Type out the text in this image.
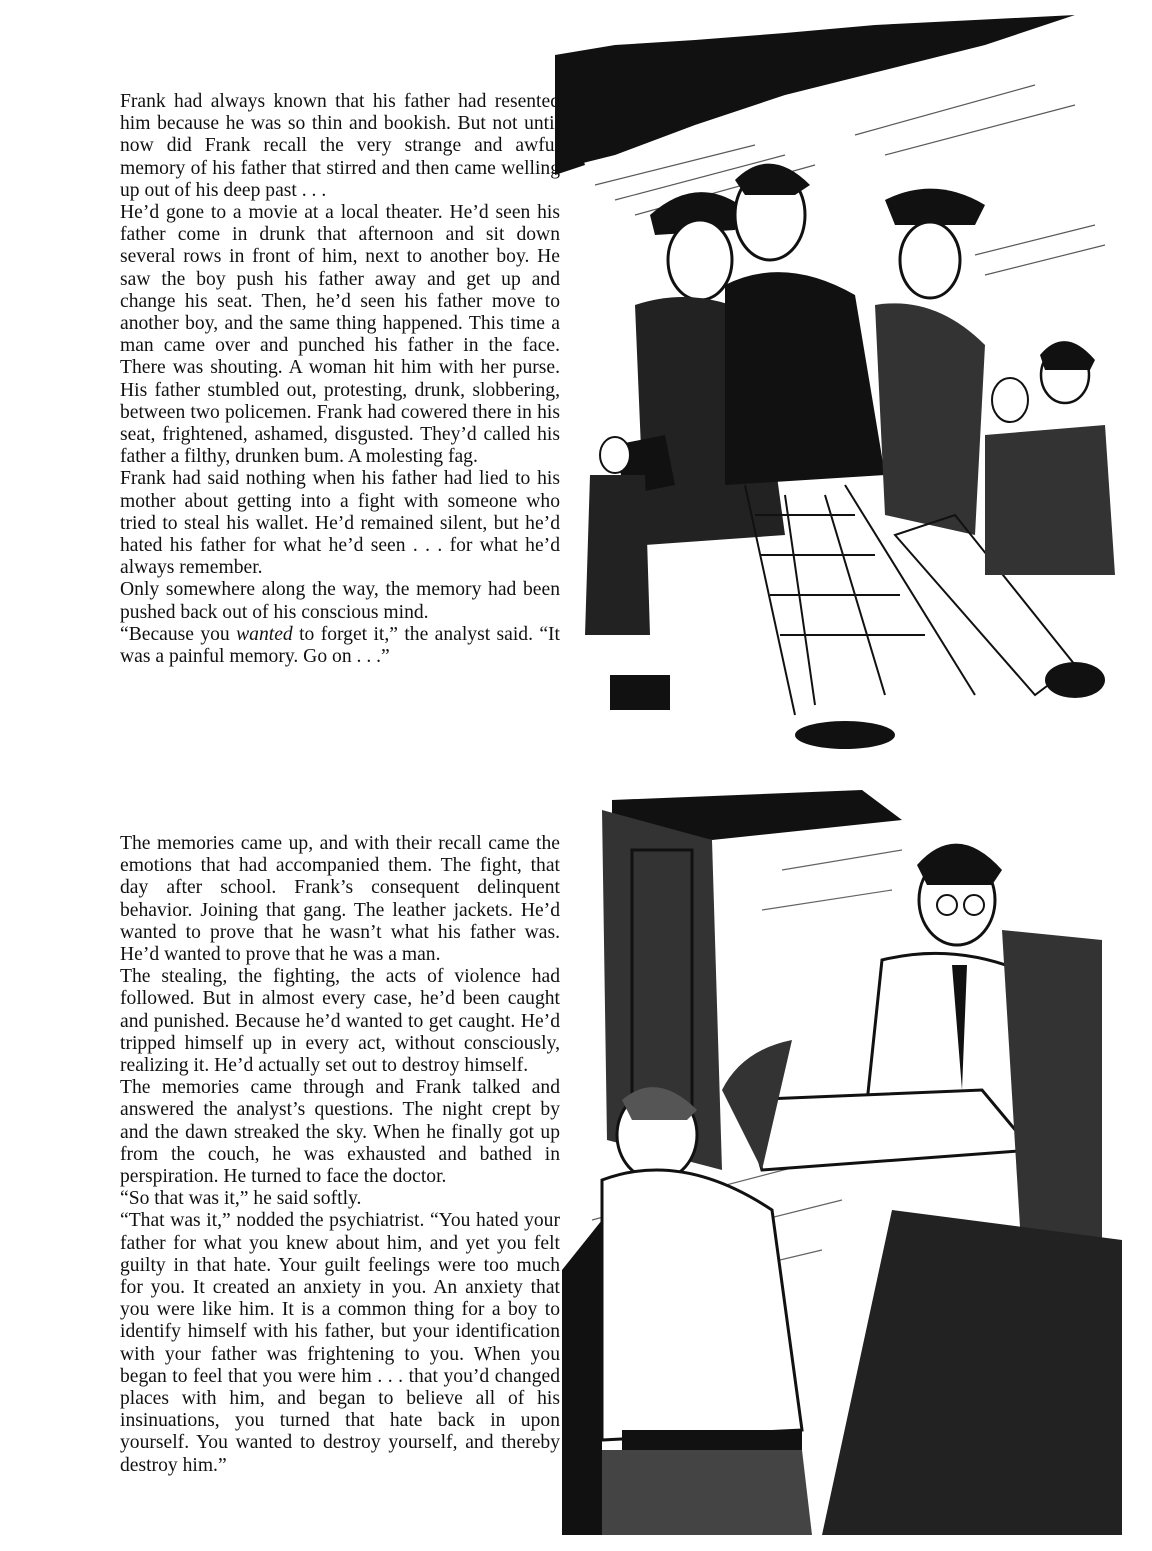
Frank had always known that his father had resented him because he was so thin and bookish. But not until now did Frank recall the very strange and awful memory of his father that stirred and then came welling up out of his deep past . . .

He’d gone to a movie at a local theater. He’d seen his father come in drunk that afternoon and sit down several rows in front of him, next to another boy. He saw the boy push his father away and get up and change his seat. Then, he’d seen his father move to another boy, and the same thing happened. This time a man came over and punched his father in the face. There was shouting. A woman hit him with her purse. His father stumbled out, protesting, drunk, slobbering, between two policemen. Frank had cowered there in his seat, frightened, ashamed, disgusted. They’d called his father a filthy, drunken bum. A molesting fag.

Frank had said nothing when his father had lied to his mother about getting into a fight with someone who tried to steal his wallet. He’d remained silent, but he’d hated his father for what he’d seen . . . for what he’d always remember.

Only somewhere along the way, the memory had been pushed back out of his conscious mind.

“Because you wanted to forget it,” the analyst said. “It was a painful memory. Go on . . .”

The memories came up, and with their recall came the emotions that had accompanied them. The fight, that day after school. Frank’s consequent delinquent behavior. Joining that gang. The leather jackets. He’d wanted to prove that he wasn’t what his father was. He’d wanted to prove that he was a man.

The stealing, the fighting, the acts of violence had followed. But in almost every case, he’d been caught and punished. Because he’d wanted to get caught. He’d tripped himself up in every act, without consciously, realizing it. He’d actually set out to destroy himself.

The memories came through and Frank talked and answered the analyst’s questions. The night crept by and the dawn streaked the sky. When he finally got up from the couch, he was exhausted and bathed in perspiration. He turned to face the doctor.

“So that was it,” he said softly.

“That was it,” nodded the psychiatrist. “You hated your father for what you knew about him, and yet you felt guilty in that hate. Your guilt feelings were too much for you. It created an anxiety in you. An anxiety that you were like him. It is a common thing for a boy to identify himself with his father, but your identification with your father was frightening to you. When you began to feel that you were him . . . that you’d changed places with him, and began to believe all of his insinuations, you turned that hate back in upon yourself. You wanted to destroy yourself, and thereby destroy him.”
